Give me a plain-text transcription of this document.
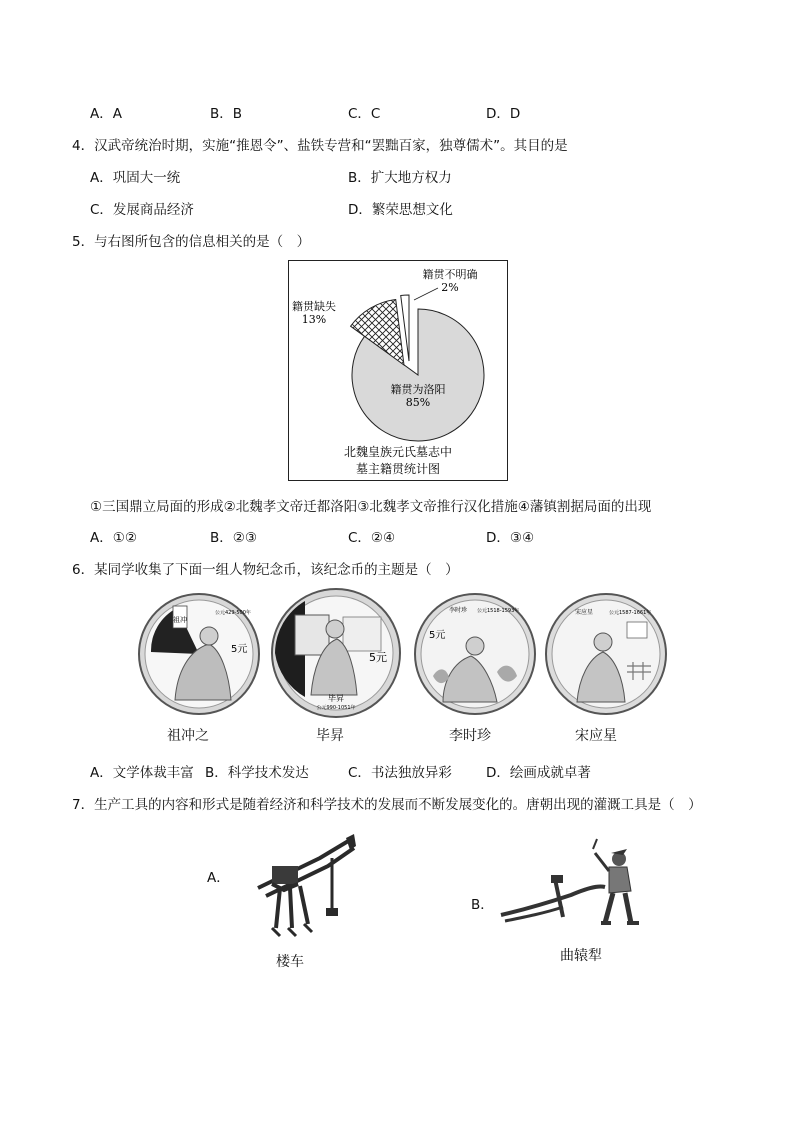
A．A	B．B	C．C	D．D
4．汉武帝统治时期，实施“推恩令”、盐铁专营和“罢黜百家，独尊儒术”。其目的是
A．巩固大一统	B．扩大地方权力
C．发展商品经济	D．繁荣思想文化
5．与右图所包含的信息相关的是（　）
籍贯为洛阳
85%
籍贯缺失
13%
籍贯不明确
2%
北魏皇族元氏墓志中
墓主籍贯统计图
①三国鼎立局面的形成②北魏孝文帝迁都洛阳③北魏孝文帝推行汉化措施④藩镇割据局面的出现
A．①②	B．②③	C．②④	D．③④
6．某同学收集了下面一组人物纪念币，该纪念币的主题是（　）
祖冲
5元
公元429-500年
祖冲之
5元
毕昇
公元990-1051年
毕昇
5元
李时珍 公元1518-1593年
李时珍
宋应星	公元1587-1661年
宋应星
A．文学体裁丰富 B．科学技术发达	C．书法独放异彩	D．绘画成就卓著
7．生产工具的内容和形式是随着经济和科学技术的发展而不断发展变化的。唐朝出现的灌溉工具是（　）
A．
楼车
B．
曲辕犁
